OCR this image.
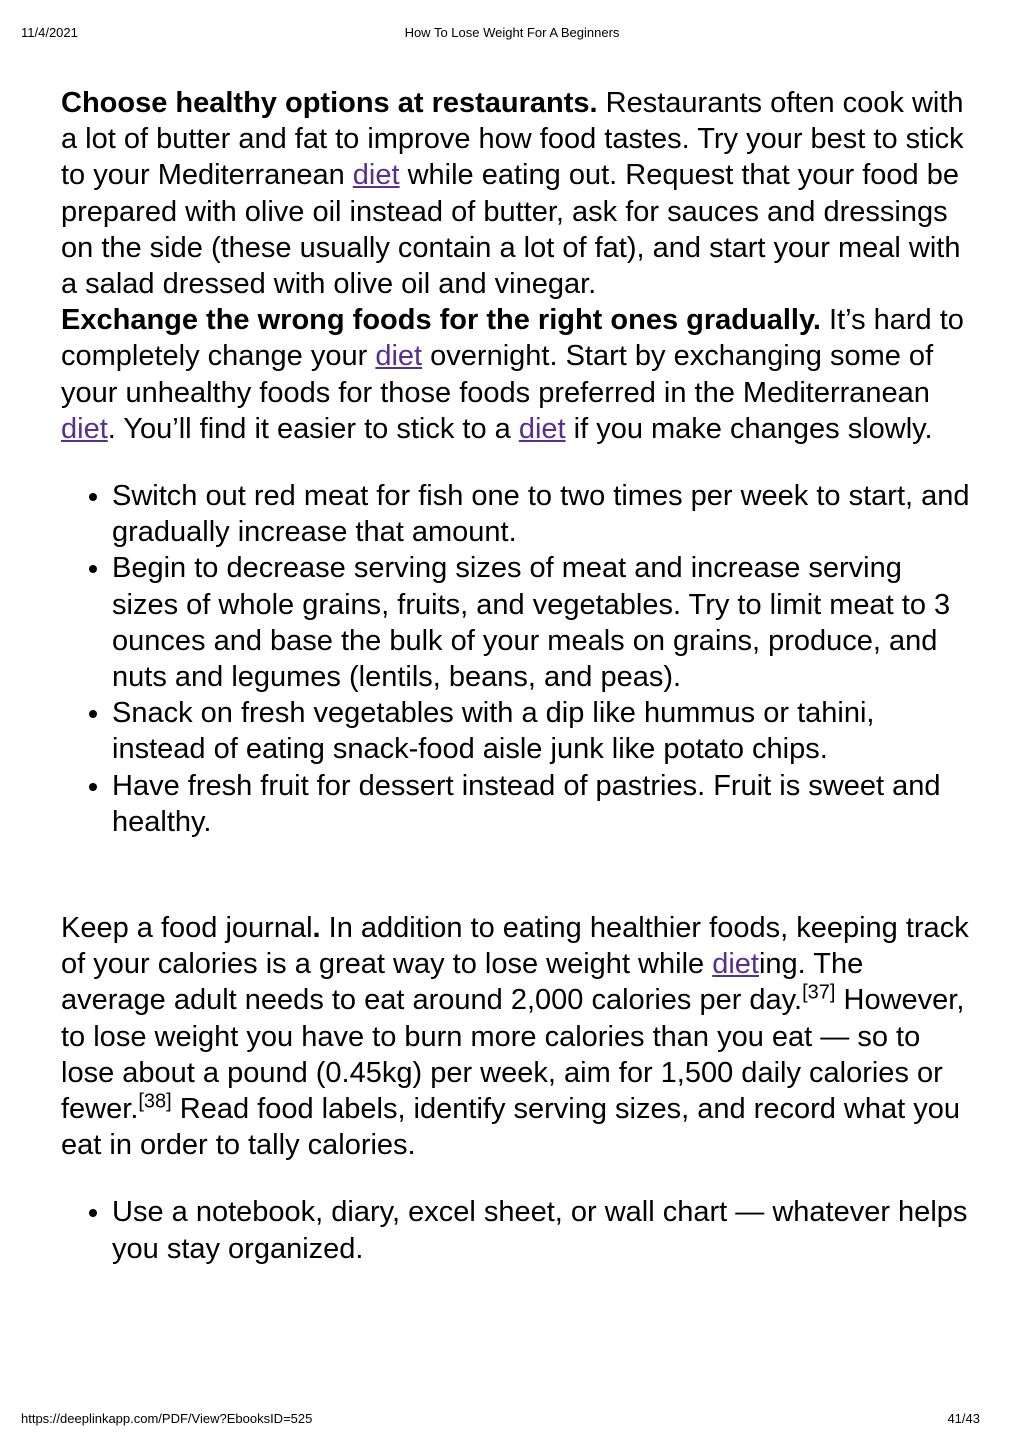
11/4/2021	How To Lose Weight For A Beginners

Choose healthy options at restaurants. Restaurants often cook with a lot of butter and fat to improve how food tastes. Try your best to stick to your Mediterranean diet while eating out. Request that your food be prepared with olive oil instead of butter, ask for sauces and dressings on the side (these usually contain a lot of fat), and start your meal with a salad dressed with olive oil and vinegar.

Exchange the wrong foods for the right ones gradually. It’s hard to completely change your diet overnight. Start by exchanging some of your unhealthy foods for those foods preferred in the Mediterranean diet. You’ll find it easier to stick to a diet if you make changes slowly.

• Switch out red meat for fish one to two times per week to start, and gradually increase that amount.
• Begin to decrease serving sizes of meat and increase serving sizes of whole grains, fruits, and vegetables. Try to limit meat to 3 ounces and base the bulk of your meals on grains, produce, and nuts and legumes (lentils, beans, and peas).
• Snack on fresh vegetables with a dip like hummus or tahini, instead of eating snack-food aisle junk like potato chips.
• Have fresh fruit for dessert instead of pastries. Fruit is sweet and healthy.

Keep a food journal. In addition to eating healthier foods, keeping track of your calories is a great way to lose weight while dieting. The average adult needs to eat around 2,000 calories per day.[37] However, to lose weight you have to burn more calories than you eat — so to lose about a pound (0.45kg) per week, aim for 1,500 daily calories or fewer.[38] Read food labels, identify serving sizes, and record what you eat in order to tally calories.

• Use a notebook, diary, excel sheet, or wall chart — whatever helps you stay organized.
https://deeplinkapp.com/PDF/View?EbooksID=525	41/43
